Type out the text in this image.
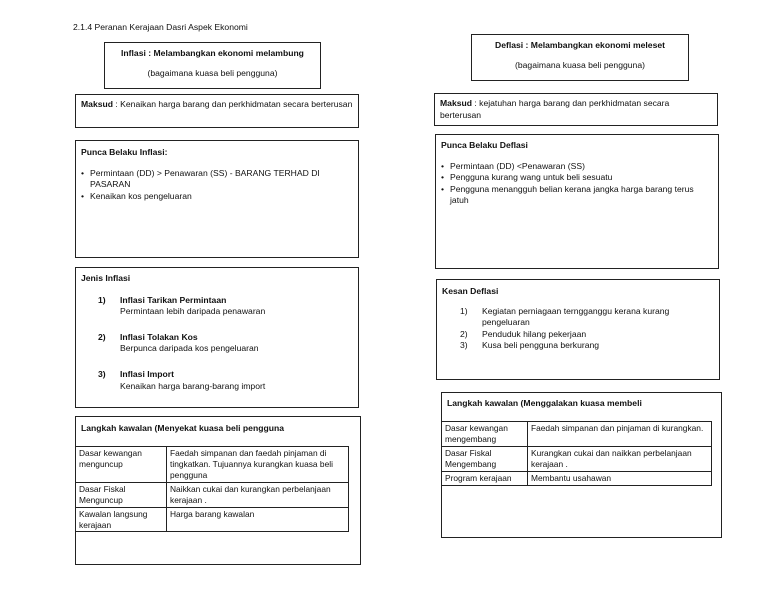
2.1.4 Peranan Kerajaan Dasri Aspek Ekonomi
Inflasi : Melambangkan ekonomi melambung
(bagaimana kuasa beli pengguna)
Maksud : Kenaikan harga barang dan perkhidmatan secara berterusan
Punca Belaku Inflasi:
• Permintaan (DD) > Penawaran (SS) - BARANG TERHAD DI PASARAN
• Kenaikan kos pengeluaran
Jenis Inflasi
1) Inflasi Tarikan Permintaan
Permintaan lebih daripada penawaran
2) Inflasi Tolakan Kos
Berpunca daripada kos pengeluaran
3) Inflasi Import
Kenaikan harga barang-barang import
Langkah kawalan (Menyekat kuasa beli pengguna
Dasar kewangan menguncup	Faedah simpanan dan faedah pinjaman di tingkatkan. Tujuannya kurangkan kuasa beli pengguna
Dasar Fiskal Menguncup	Naikkan cukai dan kurangkan perbelanjaan kerajaan .
Kawalan langsung kerajaan	Harga barang kawalan
Deflasi : Melambangkan ekonomi meleset
(bagaimana kuasa beli pengguna)
Maksud : kejatuhan harga barang dan perkhidmatan secara berterusan
Punca Belaku Deflasi
• Permintaan (DD) <Penawaran (SS)
• Pengguna kurang wang untuk beli sesuatu
• Pengguna menangguh belian kerana jangka harga barang terus jatuh
Kesan Deflasi
1) Kegiatan perniagaan terngganggu kerana kurang pengeluaran
2) Penduduk hilang pekerjaan
3) Kusa beli pengguna berkurang
Langkah kawalan (Menggalakan kuasa membeli
Dasar kewangan mengembang	Faedah simpanan dan pinjaman di kurangkan.
Dasar Fiskal Mengembang	Kurangkan cukai dan naikkan perbelanjaan kerajaan .
Program kerajaan	Membantu usahawan
